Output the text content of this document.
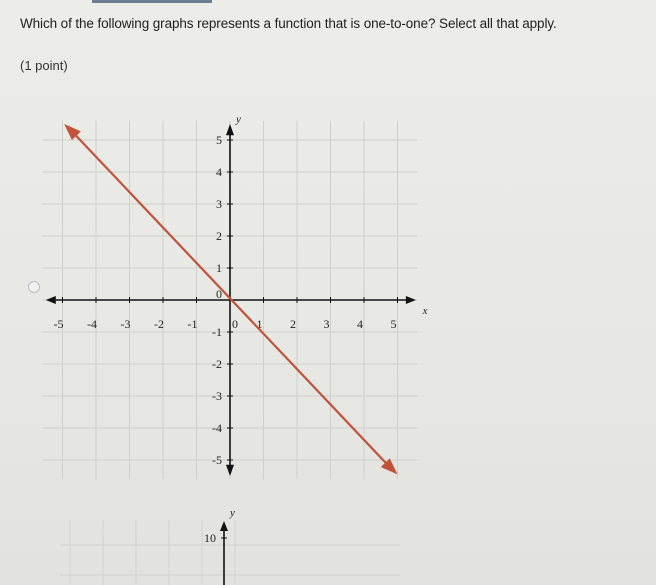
Which of the following graphs represents a function that is one-to-one? Select all that apply.
(1 point)
-5 -4 -3 -2 -1	1 2 3 4 5
0
5
4
3
2
1
0
-1
-2
-3
-4
-5
x
y
10
y
